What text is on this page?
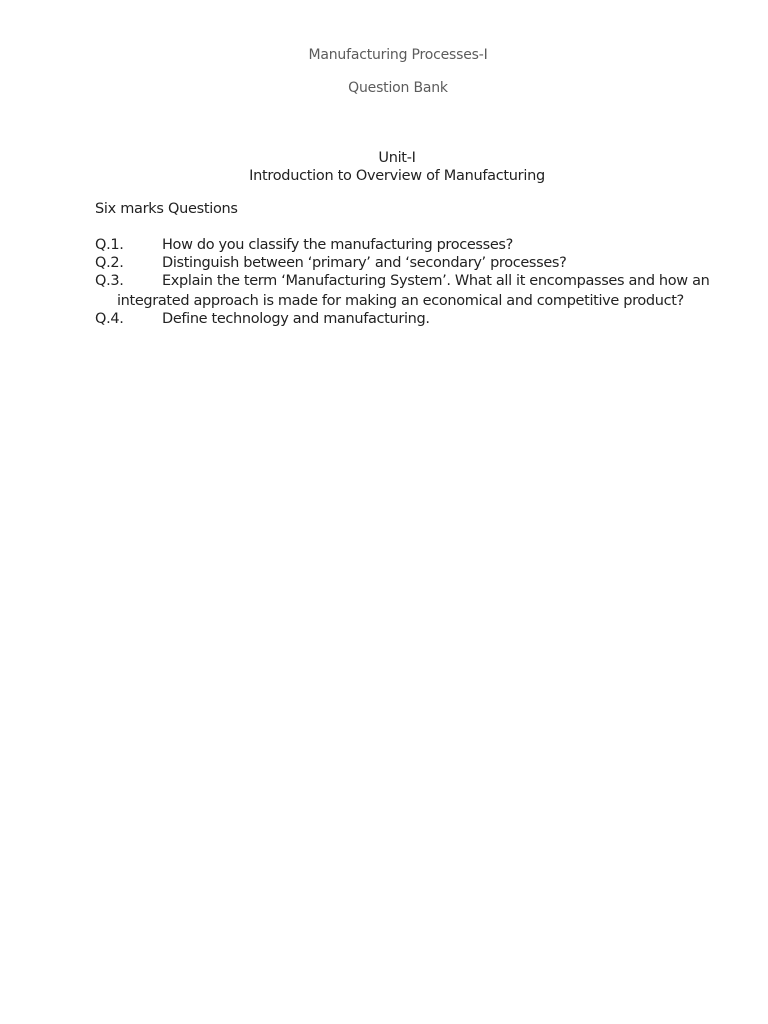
Manufacturing Processes-I
Question Bank
Unit-I
Introduction to Overview of Manufacturing
Six marks Questions
Q.1.	How do you classify the manufacturing processes?
Q.2.	Distinguish between ‘primary’ and ‘secondary’ processes?
Q.3.	Explain the term ‘Manufacturing System’. What all it encompasses and how an
integrated approach is made for making an economical and competitive product?
Q.4.	Define technology and manufacturing.
